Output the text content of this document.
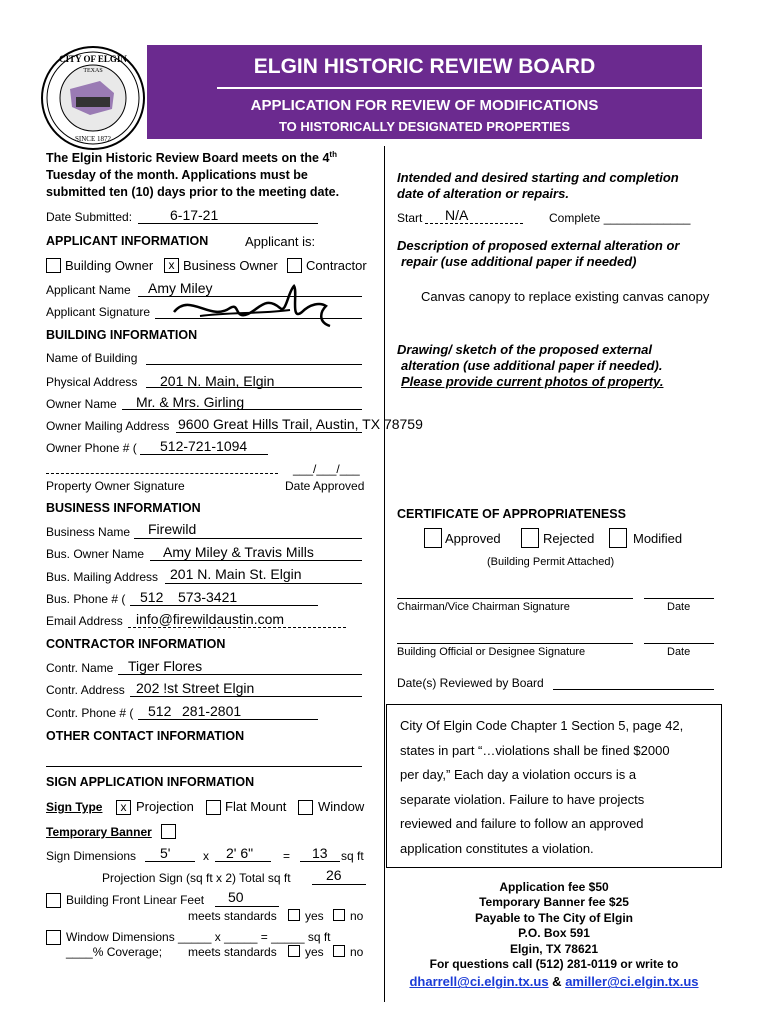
CITY OF ELGIN
SINCE 1872
TEXAS	ELGIN HISTORIC REVIEW BOARD
APPLICATION FOR REVIEW OF MODIFICATIONS
TO HISTORICALLY DESIGNATED PROPERTIES
The Elgin Historic Review Board meets on the 4th
Tuesday of the month. Applications must be
submitted ten (10) days prior to the meeting date.
Date Submitted:	6-17-21
APPLICANT INFORMATION	Applicant is:
Building Owner x Business Owner Contractor
Applicant Name Amy Miley
Applicant Signature
BUILDING INFORMATION
Name of Building
Physical Address 201 N. Main, Elgin
Owner Name Mr. & Mrs. Girling
Owner Mailing Address 9600 Great Hills Trail, Austin, TX 78759
Owner Phone # ( 512-721-1094
___/___/___
Property Owner Signature	Date Approved
BUSINESS INFORMATION
Business Name Firewild
Bus. Owner Name Amy Miley & Travis Mills
Bus. Mailing Address 201 N. Main St. Elgin
Bus. Phone # ( 512 573-3421
Email Address info@firewildaustin.com
CONTRACTOR INFORMATION
Contr. Name Tiger Flores
Contr. Address 202 !st Street Elgin
Contr. Phone # ( 512 281-2801
OTHER CONTACT INFORMATION
SIGN APPLICATION INFORMATION
Sign Type x Projection Flat Mount Window
Temporary Banner
Sign Dimensions 5'	x 2' 6" = 13 sq ft
Projection Sign (sq ft x 2) Total sq ft	26
Building Front Linear Feet 50
meets standards yes no
Window Dimensions _____ x _____ = _____ sq ft
____% Coverage; meets standards yes no
Intended and desired starting and completion
date of alteration or repairs.
Start N/A	Complete _____________
Description of proposed external alteration or
repair (use additional paper if needed)
Canvas canopy to replace existing canvas canopy
Drawing/ sketch of the proposed external
alteration (use additional paper if needed).
Please provide current photos of property.
CERTIFICATE OF APPROPRIATENESS
Approved	Rejected	Modified
(Building Permit Attached)
Chairman/Vice Chairman Signature	Date
Building Official or Designee Signature	Date
Date(s) Reviewed by Board
City Of Elgin Code Chapter 1 Section 5, page 42,
states in part “…violations shall be fined $2000
per day,” Each day a violation occurs is a
separate violation. Failure to have projects
reviewed and failure to follow an approved
application constitutes a violation.
Application fee $50
Temporary Banner fee $25
Payable to The City of Elgin
P.O. Box 591
Elgin, TX 78621
For questions call (512) 281-0119 or write to
dharrell@ci.elgin.tx.us & amiller@ci.elgin.tx.us
